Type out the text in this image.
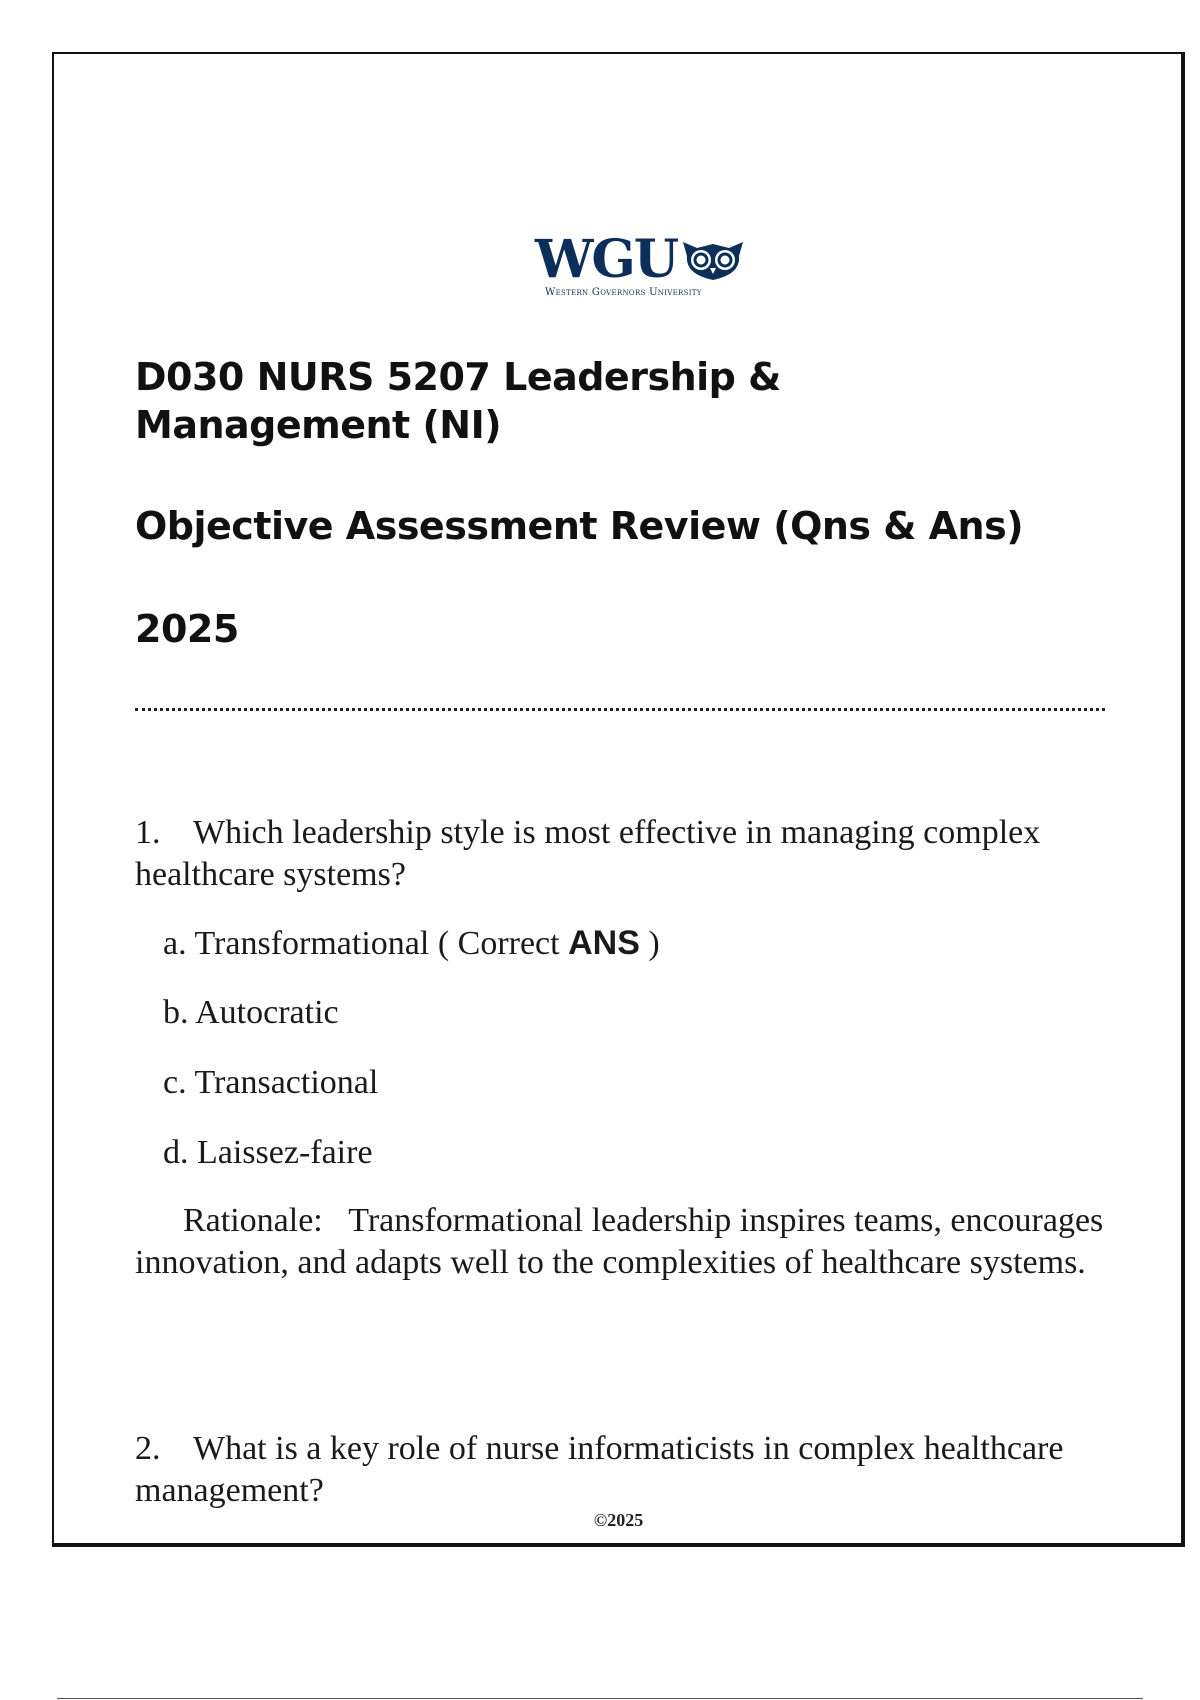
WGU
Western Governors University
D030 NURS 5207 Leadership & Management (NI)
Objective Assessment Review (Qns & Ans)
2025
1. Which leadership style is most effective in managing complex healthcare systems?
a. Transformational ( Correct ANS )
b. Autocratic
c. Transactional
d. Laissez-faire
Rationale: Transformational leadership inspires teams, encourages innovation, and adapts well to the complexities of healthcare systems.
2. What is a key role of nurse informaticists in complex healthcare management?
©2025
